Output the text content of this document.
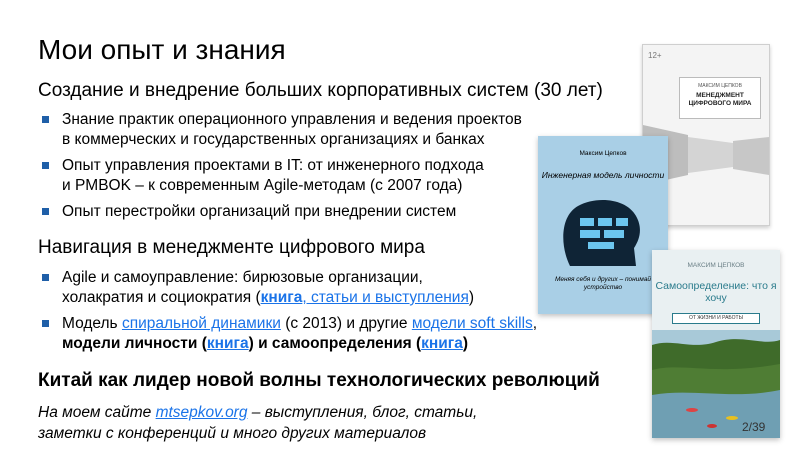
Мои опыт и знания
Создание и внедрение больших корпоративных систем (30 лет)
Знание практик операционного управления и ведения проектов
в коммерческих и государственных организациях и банках
Опыт управления проектами в IT: от инженерного подхода
и PMBOK – к современным Agile-методам (с 2007 года)
Опыт перестройки организаций при внедрении систем
Навигация в менеджменте цифрового мира
Agile и самоуправление: бирюзовые организации,
холакратия и социократия (книга, статьи и выступления)
Модель спиральной динамики (с 2013) и другие модели soft skills,
модели личности (книга) и самоопределения (книга)
Китай как лидер новой волны технологических революций
На моем сайте mtsepkov.org – выступления, блог, статьи,
заметки с конференций и много других материалов
12+
МАКСИМ ЦЕПКОВ
МЕНЕДЖМЕНТ ЦИФРОВОГО МИРА
Максим Цепков
Инженерная модель личности
Меняя себя и других – понимай устройство
МАКСИМ ЦЕПКОВ
Самоопределение: что я хочу
ОТ ЖИЗНИ И РАБОТЫ
2/39
